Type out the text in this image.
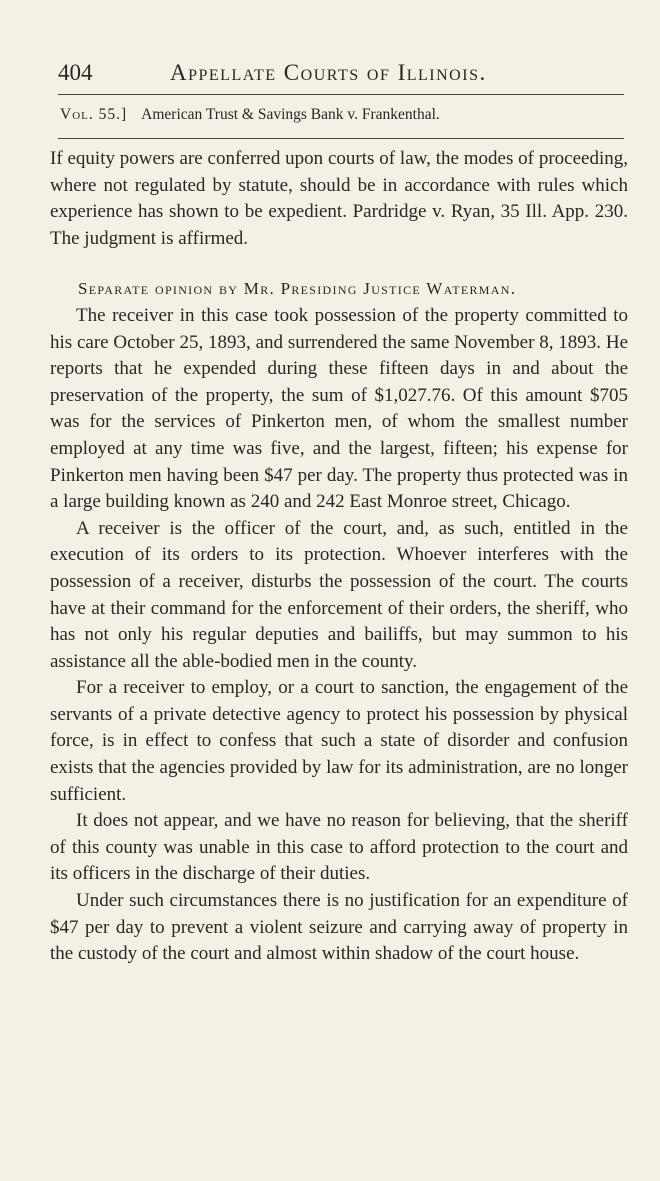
404	Appellate Courts of Illinois.
Vol. 55.] American Trust & Savings Bank v. Frankenthal.

If equity powers are conferred upon courts of law, the modes of proceeding, where not regulated by statute, should be in accordance with rules which experience has shown to be expedient. Pardridge v. Ryan, 35 Ill. App. 230. The judgment is affirmed.

Separate opinion by Mr. Presiding Justice Waterman.

The receiver in this case took possession of the property committed to his care October 25, 1893, and surrendered the same November 8, 1893. He reports that he expended during these fifteen days in and about the preservation of the property, the sum of $1,027.76. Of this amount $705 was for the services of Pinkerton men, of whom the smallest number employed at any time was five, and the largest, fifteen; his expense for Pinkerton men having been $47 per day. The property thus protected was in a large building known as 240 and 242 East Monroe street, Chicago.

A receiver is the officer of the court, and, as such, entitled in the execution of its orders to its protection. Whoever interferes with the possession of a receiver, disturbs the possession of the court. The courts have at their command for the enforcement of their orders, the sheriff, who has not only his regular deputies and bailiffs, but may summon to his assistance all the able-bodied men in the county.

For a receiver to employ, or a court to sanction, the engagement of the servants of a private detective agency to protect his possession by physical force, is in effect to confess that such a state of disorder and confusion exists that the agencies provided by law for its administration, are no longer sufficient.

It does not appear, and we have no reason for believing, that the sheriff of this county was unable in this case to afford protection to the court and its officers in the discharge of their duties.

Under such circumstances there is no justification for an expenditure of $47 per day to prevent a violent seizure and carrying away of property in the custody of the court and almost within shadow of the court house.
